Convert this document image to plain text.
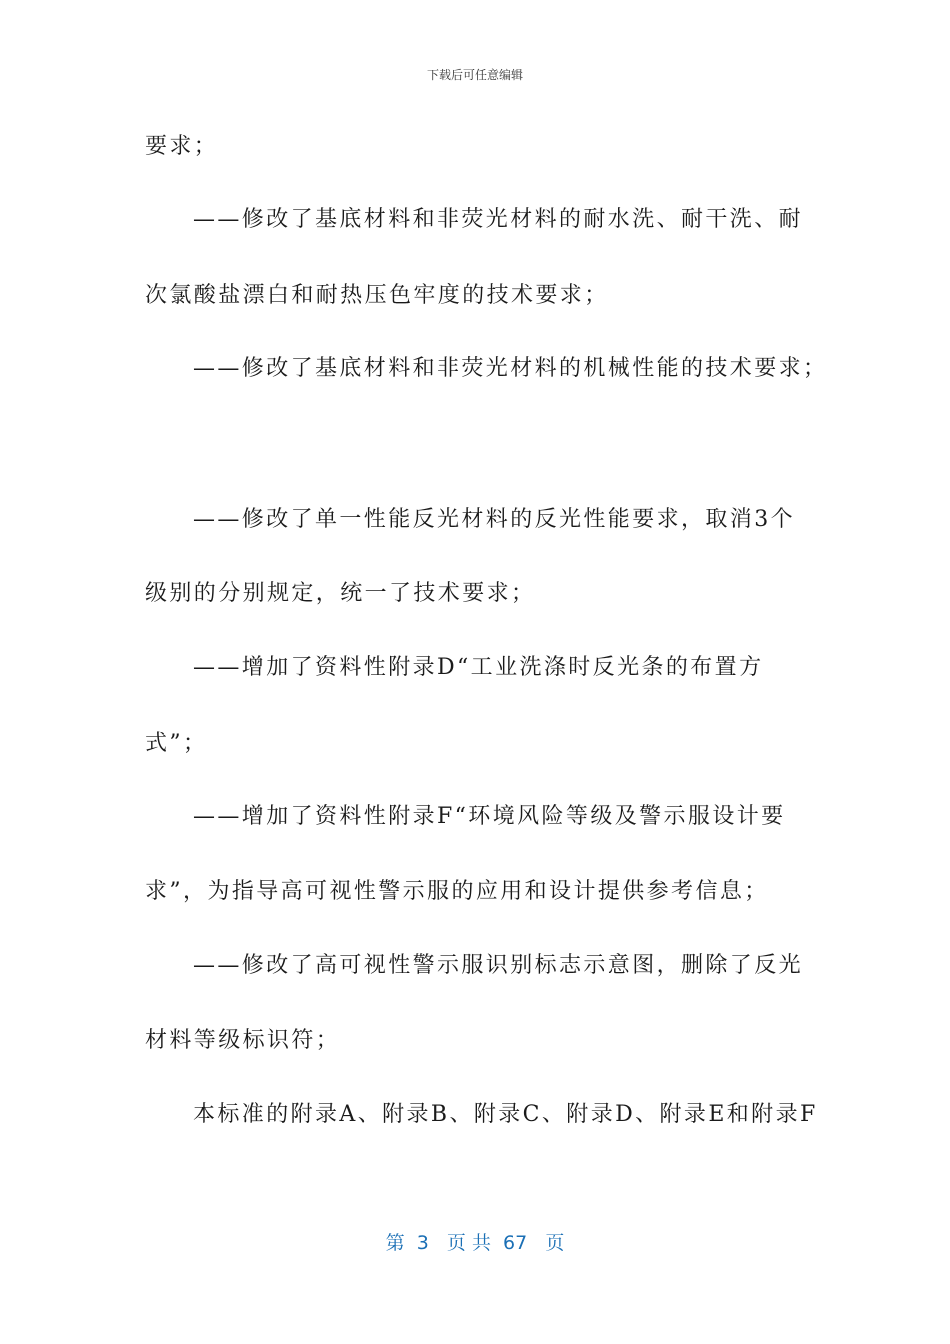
下载后可任意编辑
要求；
——修改了基底材料和非荧光材料的耐水洗、耐干洗、耐
次氯酸盐漂白和耐热压色牢度的技术要求；
——修改了基底材料和非荧光材料的机械性能的技术要求；
——修改了单一性能反光材料的反光性能要求，取消3个
级别的分别规定，统一了技术要求；
——增加了资料性附录D“工业洗涤时反光条的布置方
式”；
——增加了资料性附录F“环境风险等级及警示服设计要
求”，为指导高可视性警示服的应用和设计提供参考信息；
——修改了高可视性警示服识别标志示意图，删除了反光
材料等级标识符；
本标准的附录A、附录B、附录C、附录D、附录E和附录F
第  3   页 共  67   页
